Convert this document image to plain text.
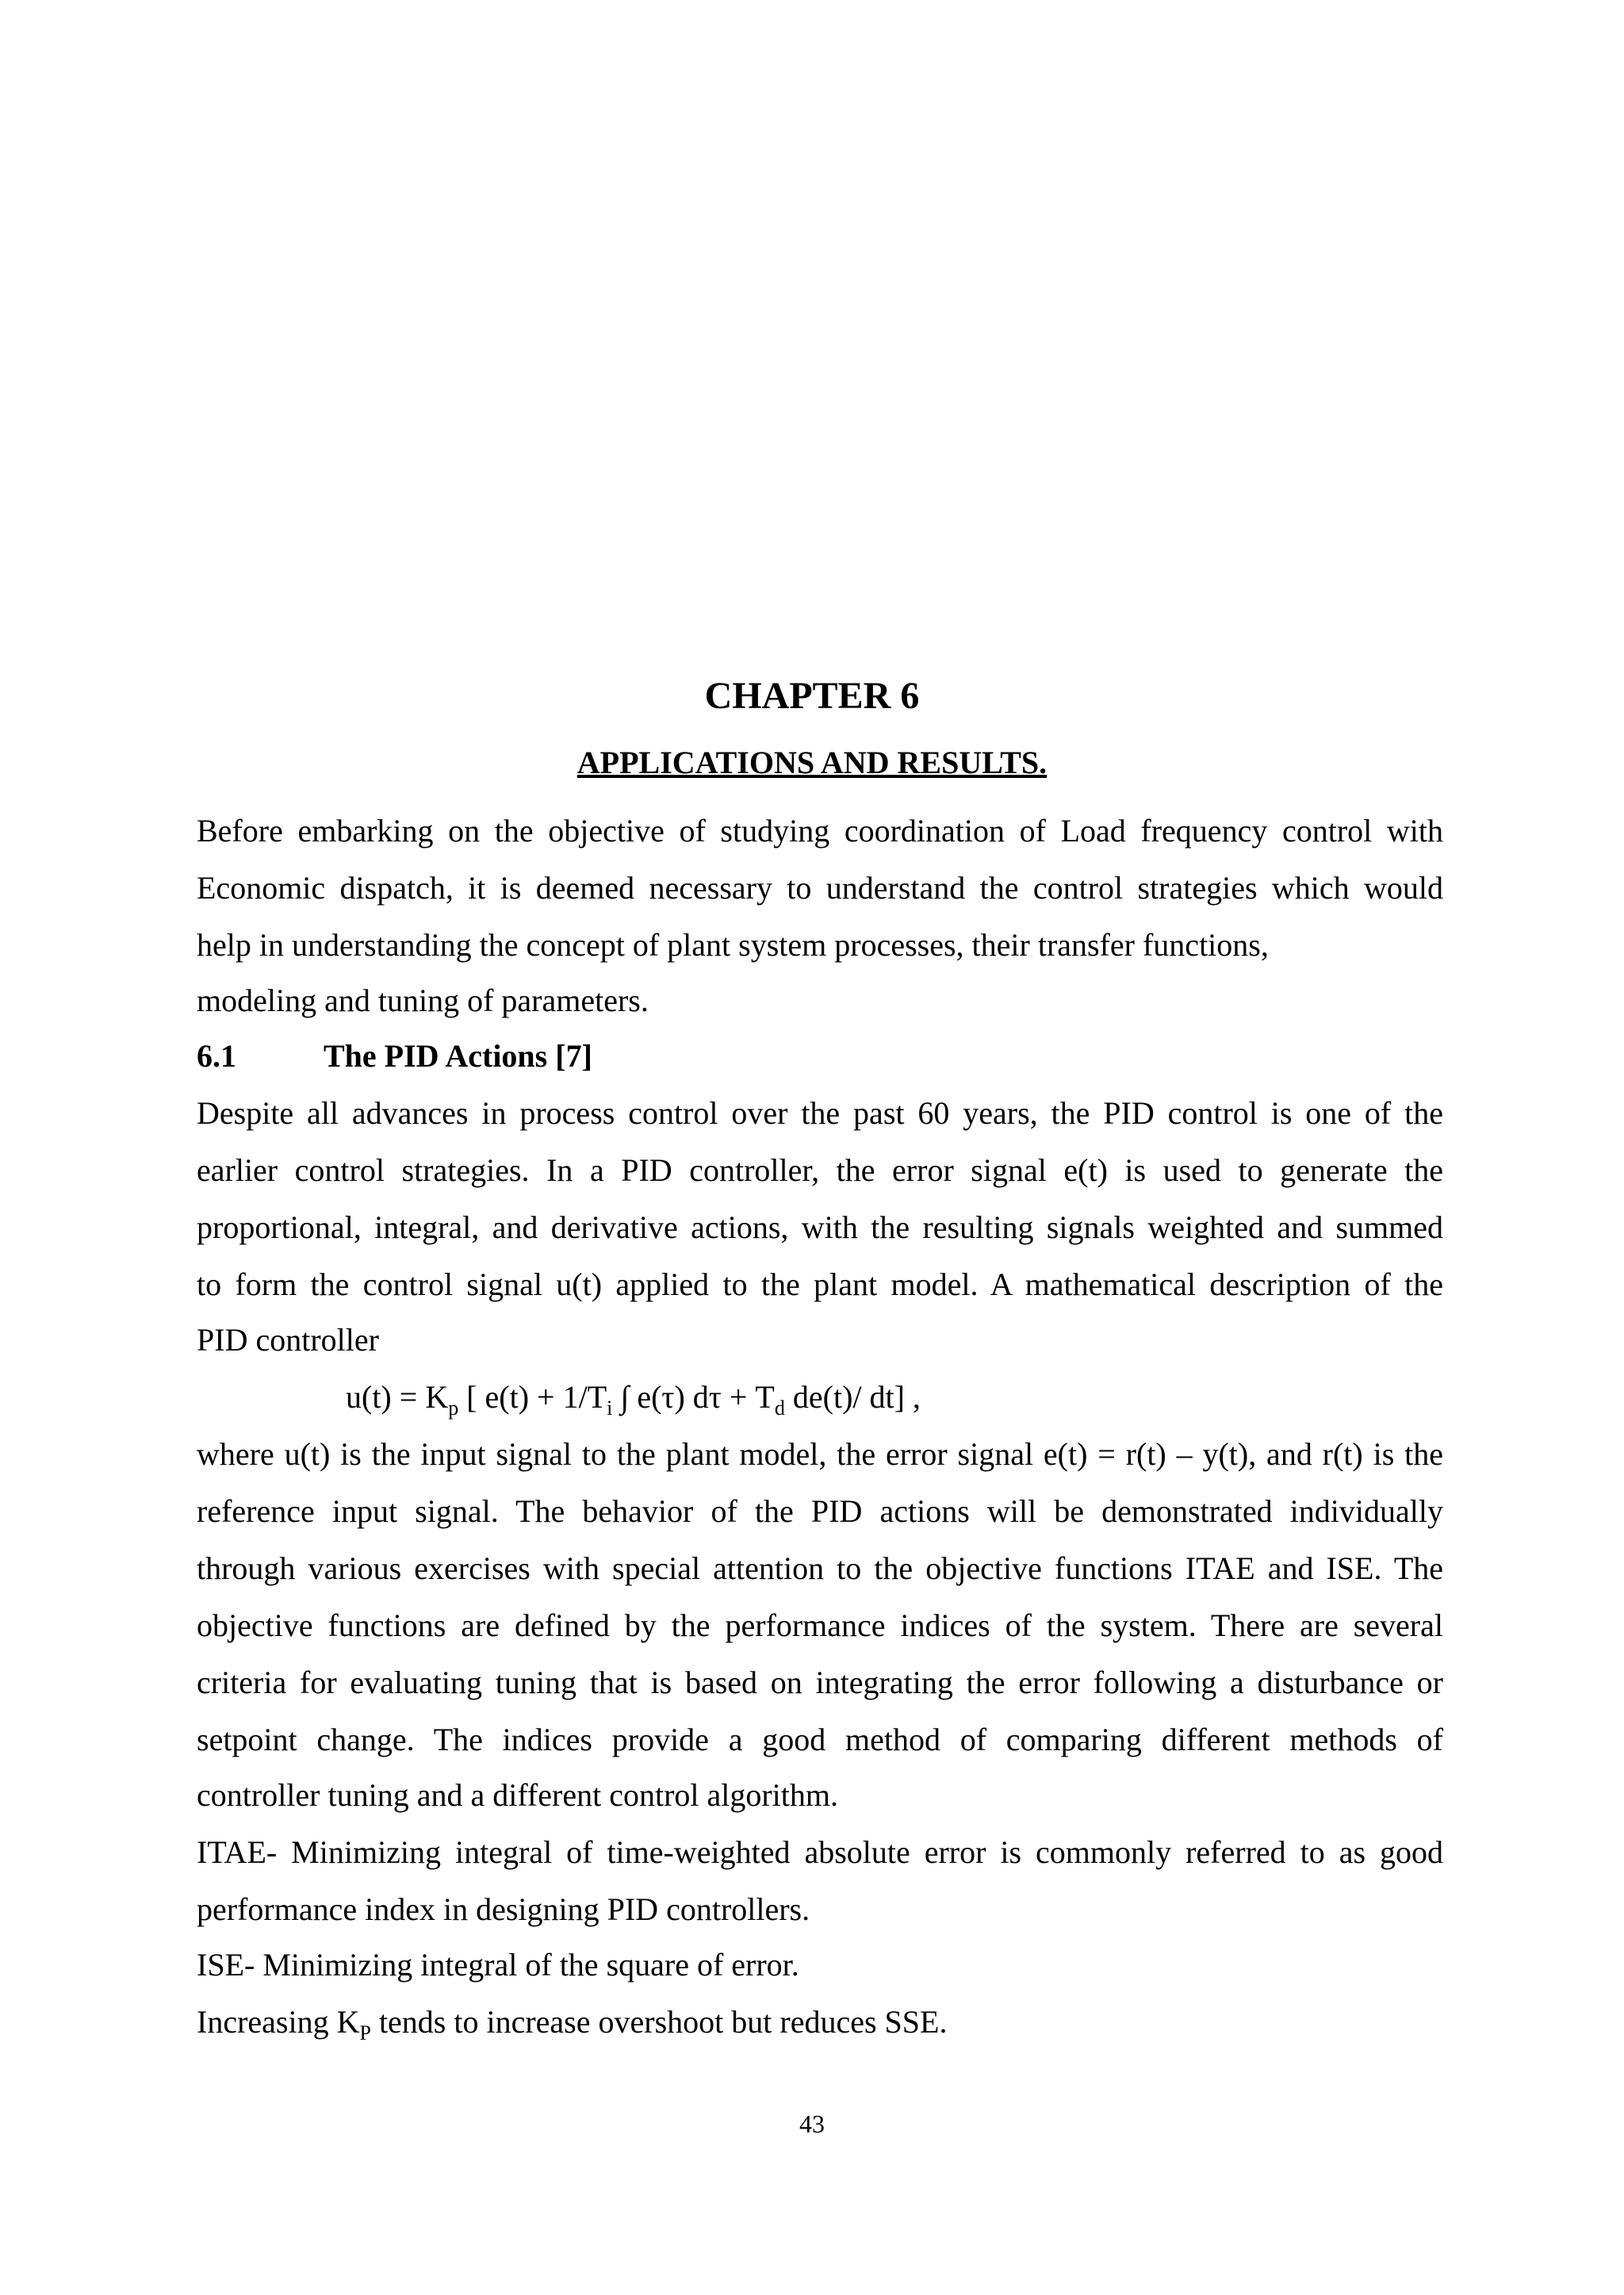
CHAPTER 6
APPLICATIONS AND RESULTS.

Before embarking on the objective of studying coordination of Load frequency control with

Economic dispatch, it is deemed necessary to understand the control strategies which would

help in understanding the concept of plant system processes, their transfer functions,

modeling and tuning of parameters.

6.1	The PID Actions [7]

Despite all advances in process control over the past 60 years, the PID control is one of the

earlier control strategies. In a PID controller, the error signal e(t) is used to generate the

proportional, integral, and derivative actions, with the resulting signals weighted and summed

to form the control signal u(t) applied to the plant model. A mathematical description of the

PID controller

$u(t) = K_p$ [ $e(t) + 1/T_i$ ∫ e(τ) $d\tau + T_d$ de(t)/ dt] ,

where u(t) is the input signal to the plant model, the error signal e(t) = r(t) – y(t), and r(t) is the

reference input signal. The behavior of the PID actions will be demonstrated individually

through various exercises with special attention to the objective functions ITAE and ISE. The

objective functions are defined by the performance indices of the system. There are several

criteria for evaluating tuning that is based on integrating the error following a disturbance or

setpoint change. The indices provide a good method of comparing different methods of

controller tuning and a different control algorithm.

ITAE- Minimizing integral of time-weighted absolute error is commonly referred to as good

performance index in designing PID controllers.

ISE- Minimizing integral of the square of error.

Increasing $K_P$ tends to increase overshoot but reduces SSE.

43
